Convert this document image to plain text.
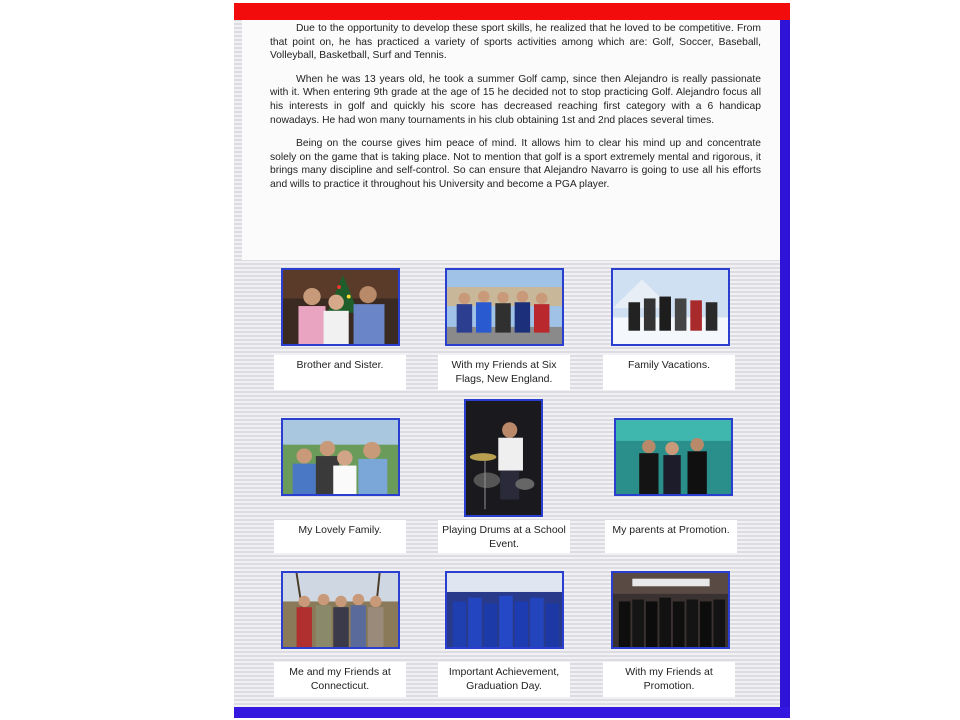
Due to the opportunity to develop these sport skills, he realized that he loved to be competitive. From that point on, he has practiced a variety of sports activities among which are: Golf, Soccer, Baseball, Volleyball, Basketball, Surf and Tennis.

When he was 13 years old, he took a summer Golf camp, since then Alejandro is really passionate with it. When entering 9th grade at the age of 15 he decided not to stop practicing Golf. Alejandro focus all his interests in golf and quickly his score has decreased reaching first category with a 6 handicap nowadays. He had won many tournaments in his club obtaining 1st and 2nd places several times.

Being on the course gives him peace of mind. It allows him to clear his mind up and concentrate solely on the game that is taking place. Not to mention that golf is a sport extremely mental and rigorous, it brings many discipline and self-control. So can ensure that Alejandro Navarro is going to use all his efforts and wills to practice it throughout his University and become a PGA player.

Brother and Sister.	With my Friends at Six Flags, New England.
Family Vacations.
My Lovely Family.	Playing Drums at a School Event.
My parents at Promotion.
Me and my Friends at Connecticut.
Important Achievement, Graduation Day.
With my Friends at Promotion.
